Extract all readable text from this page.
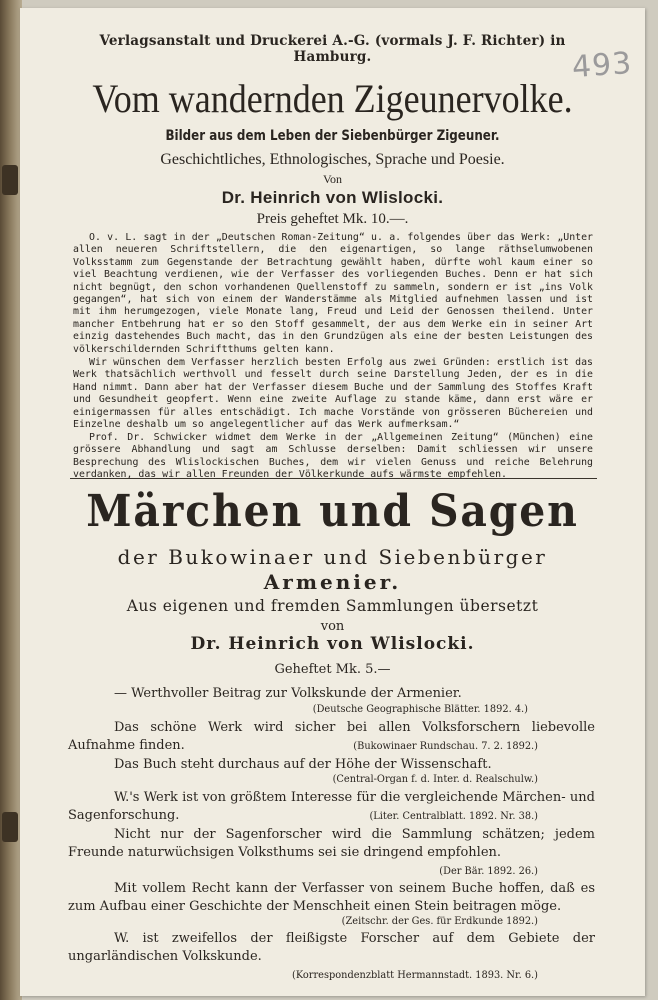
493
Verlagsanstalt und Druckerei A.-G. (vormals J. F. Richter) in Hamburg.
Vom wandernden Zigeunervolke.
Bilder aus dem Leben der Siebenbürger Zigeuner.
Geschichtliches, Ethnologisches, Sprache und Poesie.
Von
Dr. Heinrich von Wlislocki.
Preis geheftet Mk. 10.—.
O. v. L. sagt in der „Deutschen Roman-Zeitung“ u. a. folgendes über das Werk: „Unter allen neueren Schriftstellern, die den eigenartigen, so lange räthselumwobenen Volksstamm zum Gegenstande der Betrachtung gewählt haben, dürfte wohl kaum einer so viel Beachtung verdienen, wie der Verfasser des vorliegenden Buches. Denn er hat sich nicht begnügt, den schon vorhandenen Quellenstoff zu sammeln, sondern er ist „ins Volk gegangen“, hat sich von einem der Wanderstämme als Mitglied aufnehmen lassen und ist mit ihm herumgezogen, viele Monate lang, Freud und Leid der Genossen theilend. Unter mancher Entbehrung hat er so den Stoff gesammelt, der aus dem Werke ein in seiner Art einzig dastehendes Buch macht, das in den Grundzügen als eine der besten Leistungen des völkerschildernden Schriftthums gelten kann.
Wir wünschen dem Verfasser herzlich besten Erfolg aus zwei Gründen: erstlich ist das Werk thatsächlich werthvoll und fesselt durch seine Darstellung Jeden, der es in die Hand nimmt. Dann aber hat der Verfasser diesem Buche und der Sammlung des Stoffes Kraft und Gesundheit geopfert. Wenn eine zweite Auflage zu stande käme, dann erst wäre er einigermassen für alles entschädigt. Ich mache Vorstände von grösseren Büchereien und Einzelne deshalb um so angelegentlicher auf das Werk aufmerksam.“
Prof. Dr. Schwicker widmet dem Werke in der „Allgemeinen Zeitung“ (München) eine grössere Abhandlung und sagt am Schlusse derselben: Damit schliessen wir unsere Besprechung des Wlislockischen Buches, dem wir vielen Genuss und reiche Belehrung verdanken, das wir allen Freunden der Völkerkunde aufs wärmste empfehlen.
Märchen und Sagen
der Bukowinaer und Siebenbürger
Armenier.
Aus eigenen und fremden Sammlungen übersetzt
von
Dr. Heinrich von Wlislocki.
Geheftet Mk. 5.—
— Werthvoller Beitrag zur Volkskunde der Armenier.
(Deutsche Geographische Blätter. 1892. 4.)
Das schöne Werk wird sicher bei allen Volksforschern liebevolle Aufnahme finden.	(Bukowinaer Rundschau. 7. 2. 1892.)
Das Buch steht durchaus auf der Höhe der Wissenschaft.
(Central-Organ f. d. Inter. d. Realschulw.)
W.'s Werk ist von größtem Interesse für die vergleichende Märchen- und Sagenforschung.	(Liter. Centralblatt. 1892. Nr. 38.)
Nicht nur der Sagenforscher wird die Sammlung schätzen; jedem Freunde naturwüchsigen Volksthums sei sie dringend empfohlen.
(Der Bär. 1892. 26.)
Mit vollem Recht kann der Verfasser von seinem Buche hoffen, daß es zum Aufbau einer Geschichte der Menschheit einen Stein beitragen möge.
(Zeitschr. der Ges. für Erdkunde 1892.)
W. ist zweifellos der fleißigste Forscher auf dem Gebiete der ungarländischen Volkskunde.
(Korrespondenzblatt Hermannstadt. 1893. Nr. 6.)
